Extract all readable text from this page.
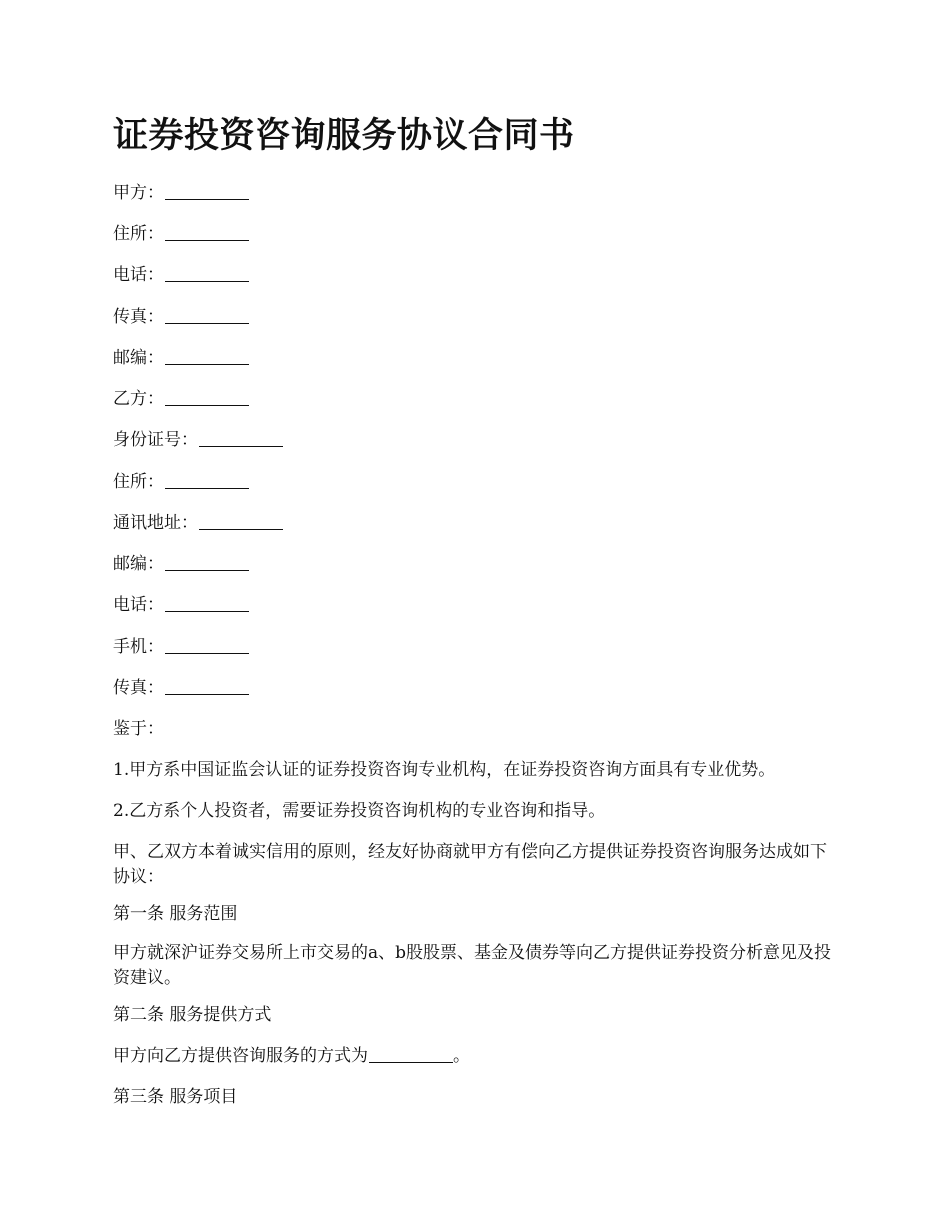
证券投资咨询服务协议合同书

甲方：

住所：

电话：

传真：

邮编：

乙方：

身份证号：

住所：

通讯地址：

邮编：

电话：

手机：

传真：

鉴于：

1.甲方系中国证监会认证的证券投资咨询专业机构，在证券投资咨询方面具有专业优势。

2.乙方系个人投资者，需要证券投资咨询机构的专业咨询和指导。

甲、乙双方本着诚实信用的原则，经友好协商就甲方有偿向乙方提供证券投资咨询服务达成如下协议：

第一条 服务范围

甲方就深沪证券交易所上市交易的a、b股股票、基金及债券等向乙方提供证券投资分析意见及投资建议。

第二条 服务提供方式

甲方向乙方提供咨询服务的方式为	。

第三条 服务项目
